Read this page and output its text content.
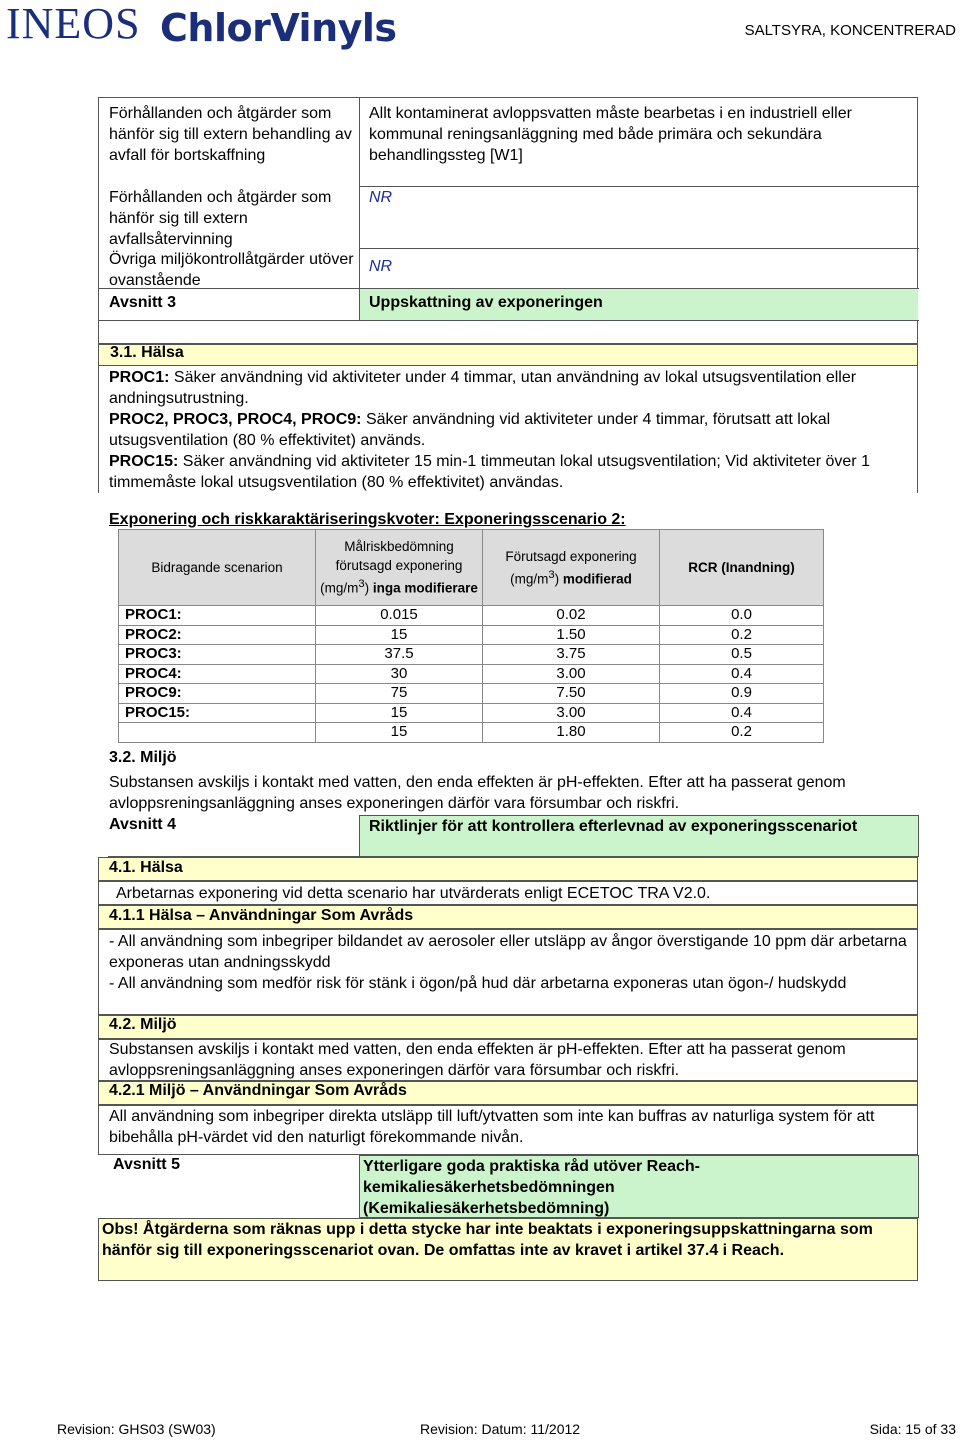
INEOS ChlorVinyls	SALTSYRA, KONCENTRERAD
Förhållanden och åtgärder som hänför sig till extern behandling av avfall för bortskaffning
Allt kontaminerat avloppsvatten måste bearbetas i en industriell eller kommunal reningsanläggning med både primära och sekundära behandlingssteg [W1]
Förhållanden och åtgärder som hänför sig till extern avfallsåtervinning
NR
Övriga miljökontrollåtgärder utöver ovanstående
NR
Avsnitt 3	Uppskattning av exponeringen
3.1. Hälsa
PROC1: Säker användning vid aktiviteter under 4 timmar, utan användning av lokal utsugsventilation eller andningsutrustning.
PROC2, PROC3, PROC4, PROC9: Säker användning vid aktiviteter under 4 timmar, förutsatt att lokal utsugsventilation (80 % effektivitet) används.
PROC15: Säker användning vid aktiviteter 15 min-1 timmeutan lokal utsugsventilation; Vid aktiviteter över 1 timmemåste lokal utsugsventilation (80 % effektivitet) användas.
Exponering och riskkaraktäriseringskvoter: Exponeringsscenario 2:
Bidragande scenarion	Målriskbedömning förutsagd exponering $(mg/m^3)$ inga modifierare	Förutsagd exponering $(mg/m^3)$ modifierad	RCR (Inandning)
PROC1:	0.015	0.02	0.0
PROC2:	15	1.50	0.2
PROC3:	37.5	3.75	0.5
PROC4:	30	3.00	0.4
PROC9:	75	7.50	0.9
PROC15:	15	3.00	0.4
	15	1.80	0.2
3.2. Miljö
Substansen avskiljs i kontakt med vatten, den enda effekten är pH-effekten. Efter att ha passerat genom avloppsreningsanläggning anses exponeringen därför vara försumbar och riskfri.
Avsnitt 4	Riktlinjer för att kontrollera efterlevnad av exponeringsscenariot
4.1. Hälsa
Arbetarnas exponering vid detta scenario har utvärderats enligt ECETOC TRA V2.0.
4.1.1 Hälsa – Användningar Som Avråds
- All användning som inbegriper bildandet av aerosoler eller utsläpp av ångor överstigande 10 ppm där arbetarna exponeras utan andningsskydd
- All användning som medför risk för stänk i ögon/på hud där arbetarna exponeras utan ögon-/ hudskydd
4.2. Miljö
Substansen avskiljs i kontakt med vatten, den enda effekten är pH-effekten. Efter att ha passerat genom avloppsreningsanläggning anses exponeringen därför vara försumbar och riskfri.
4.2.1 Miljö – Användningar Som Avråds
All användning som inbegriper direkta utsläpp till luft/ytvatten som inte kan buffras av naturliga system för att bibehålla pH-värdet vid den naturligt förekommande nivån.
Avsnitt 5	Ytterligare goda praktiska råd utöver Reach-kemikaliesäkerhetsbedömningen (Kemikaliesäkerhetsbedömning)
Obs! Åtgärderna som räknas upp i detta stycke har inte beaktats i exponeringsuppskattningarna som hänför sig till exponeringsscenariot ovan. De omfattas inte av kravet i artikel 37.4 i Reach.
Revision: GHS03 (SW03)	Revision: Datum: 11/2012	Sida: 15 of 33
